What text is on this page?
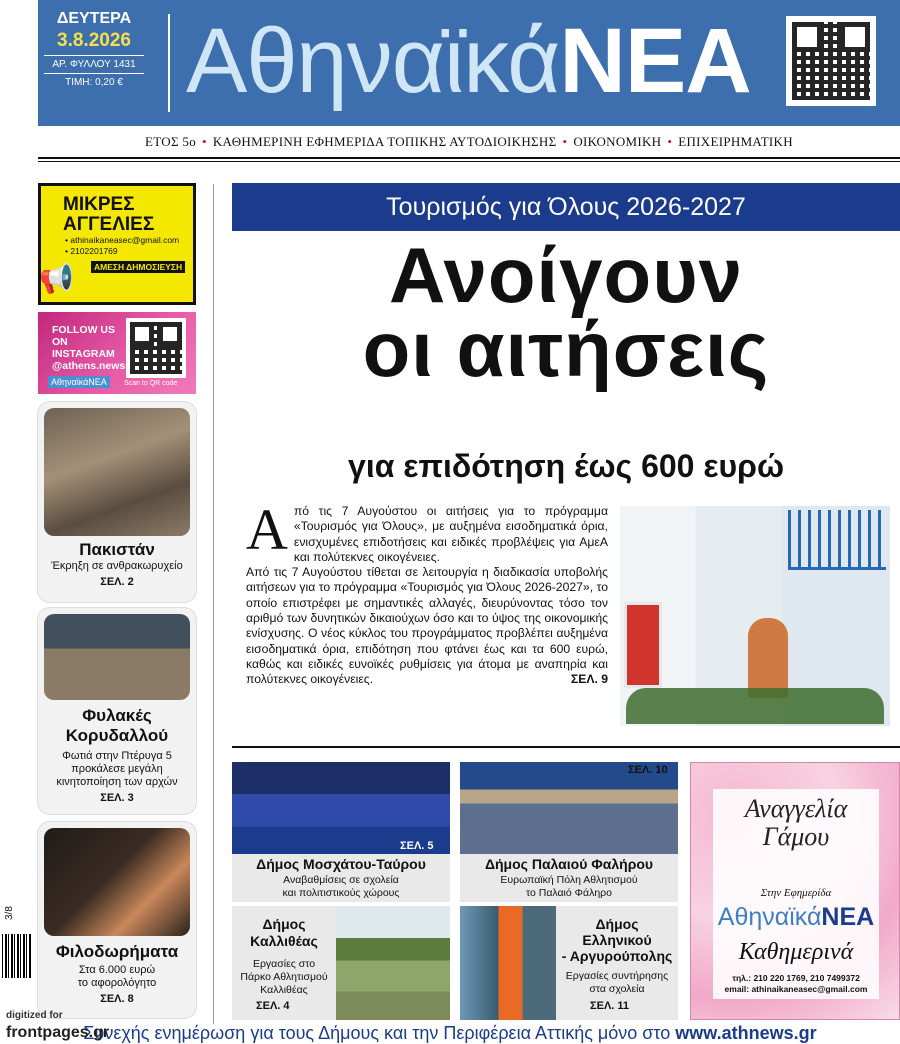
ΔΕΥΤΕΡΑ
3.8.2026
ΑΡ. ΦΥΛΛΟΥ 1431
ΤΙΜΗ: 0,20 € ΑθηναϊκάΝΕΑ
ΕΤΟΣ 5ο • ΚΑΘΗΜΕΡΙΝΗ ΕΦΗΜΕΡΙΔΑ ΤΟΠΙΚΗΣ ΑΥΤΟΔΙΟΙΚΗΣΗΣ • ΟΙΚΟΝΟΜΙΚΗ • ΕΠΙΧΕΙΡΗΜΑΤΙΚΗ
ΜΙΚΡΕΣ
ΑΓΓΕΛΙΕΣ
• athinaikaneasec@gmail.com
• 2102201769
ΑΜΕΣΗ ΔΗΜΟΣΙΕΥΣΗ
📢
FOLLOW US
ON INSTAGRAM
@athens.news
ΑθηναϊκάΝΕΑ Scan to QR code
Πακιστάν
Έκρηξη σε ανθρακωρυχείο
ΣΕΛ. 2
Φυλακές
Κορυδαλλού
Φωτιά στην Πτέρυγα 5
προκάλεσε μεγάλη
κινητοποίηση των αρχών
ΣΕΛ. 3
Φιλοδωρήματα
Στα 6.000 ευρώ
το αφορολόγητο
ΣΕΛ. 8
3/8
Τουρισμός για Όλους 2026-2027
Ανοίγουν
οι αιτήσεις
για επιδότηση έως 600 ευρώ
Από τις 7 Αυγούστου οι αιτήσεις για το πρόγραμμα «Τουρισμός για Όλους», με αυξημένα εισοδηματικά όρια, ενισχυμένες επιδοτήσεις και ειδικές προβλέψεις για ΑμεΑ και πολύτεκνες οικογένειες.
Από τις 7 Αυγούστου τίθεται σε λειτουργία η διαδικασία υποβολής αιτήσεων για το πρόγραμμα «Τουρισμός για Όλους 2026-2027», το οποίο επιστρέφει με σημαντικές αλλαγές, διευρύνοντας τόσο τον αριθμό των δυνητικών δικαιούχων όσο και το ύψος της οικονομικής ενίσχυσης. Ο νέος κύκλος του προγράμματος προβλέπει αυξημένα εισοδηματικά όρια, επιδότηση που φτάνει έως και τα 600 ευρώ, καθώς και ειδικές ευνοϊκές ρυθμίσεις για άτομα με αναπηρία και πολύτεκνες οικογένειες.	ΣΕΛ. 9
ΣΕΛ. 5
Δήμος Μοσχάτου-Ταύρου
Αναβαθμίσεις σε σχολεία
και πολιτιστικούς χώρους
ΣΕΛ. 10
Δήμος Παλαιού Φαλήρου
Ευρωπαϊκή Πόλη Αθλητισμού
το Παλαιό Φάληρο
Δήμος
Καλλιθέας
Εργασίες στο
Πάρκο Αθλητισμού
Καλλιθέας
ΣΕΛ. 4
Δήμος
Ελληνικού
- Αργυρούπολης
Εργασίες συντήρησης
στα σχολεία
ΣΕΛ. 11
Αναγγελία
Γάμου
Στην Εφημερίδα
ΑθηναϊκάΝΕΑ
Καθημερινά
τηλ.: 210 220 1769, 210 7499372
email: athinaikaneasec@gmail.com
Συνεχής ενημέρωση για τους Δήμους και την Περιφέρεια Αττικής μόνο στο www.athnews.gr
digitized for
frontpages.gr
